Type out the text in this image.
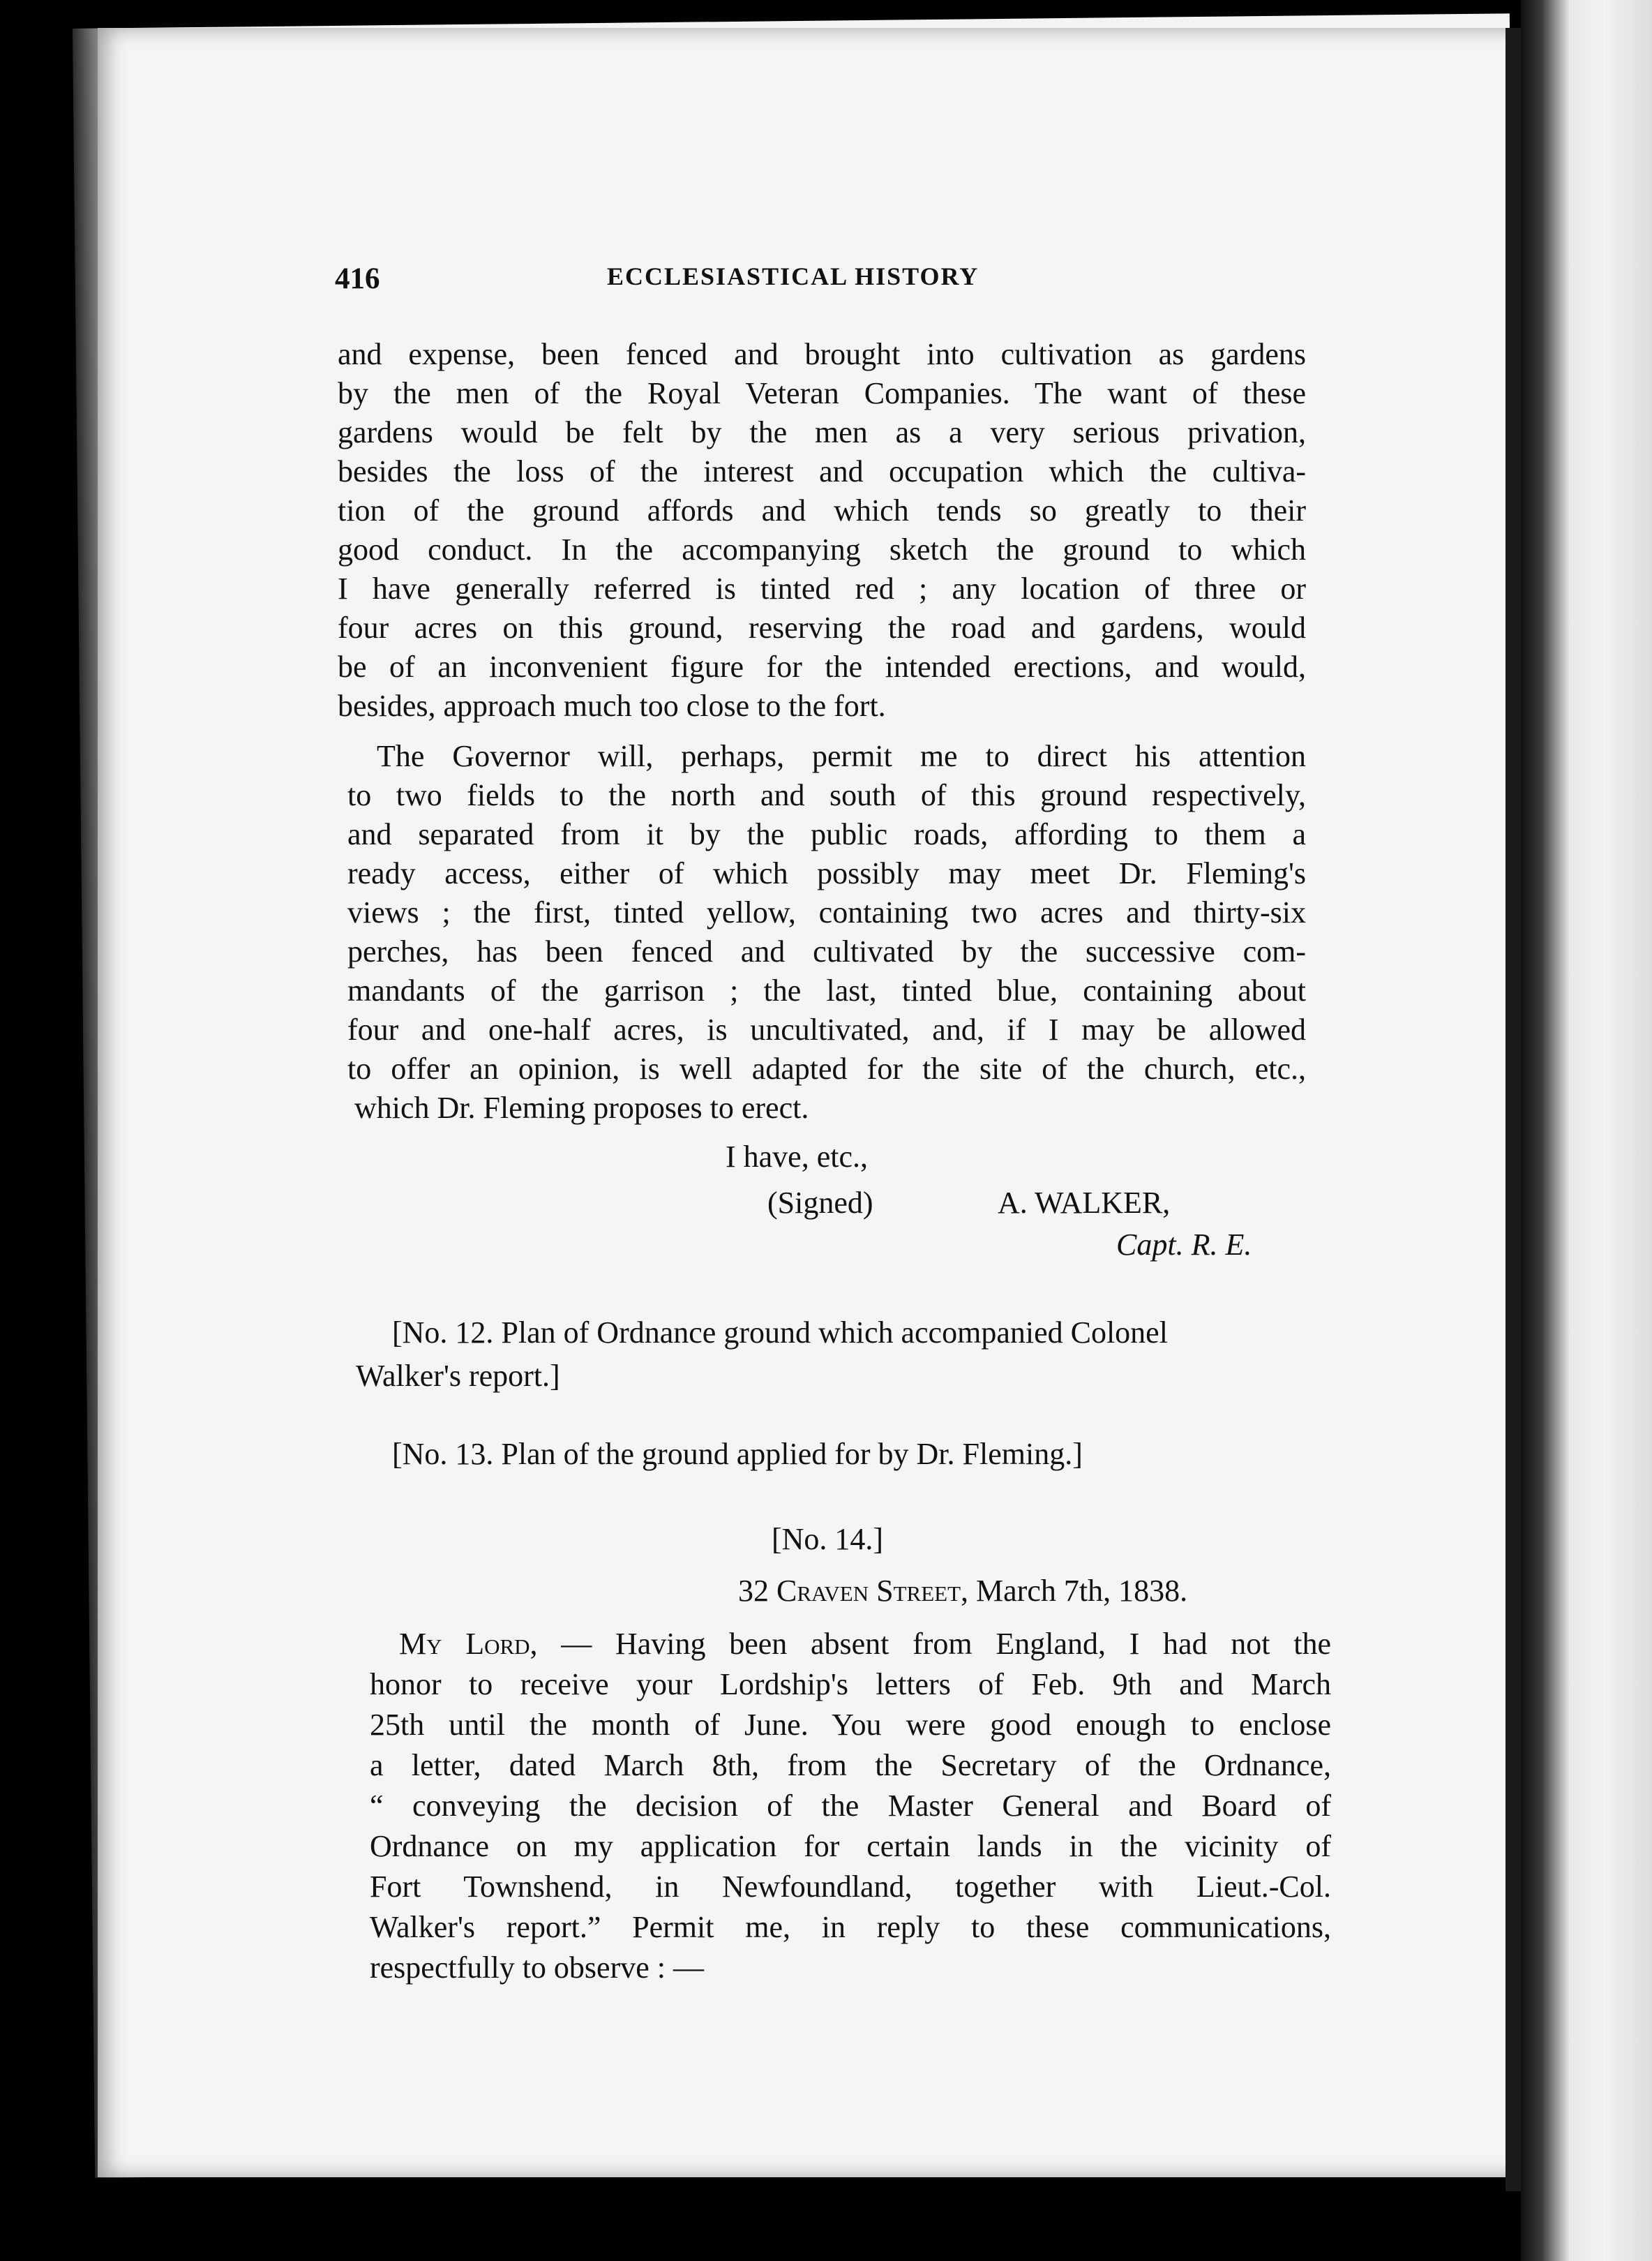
416	ECCLESIASTICAL HISTORY
and expense, been fenced and brought into cultivation as gardens
by the men of the Royal Veteran Companies. The want of these
gardens would be felt by the men as a very serious privation,
besides the loss of the interest and occupation which the cultiva-
tion of the ground affords and which tends so greatly to their
good conduct. In the accompanying sketch the ground to which
I have generally referred is tinted red ; any location of three or
four acres on this ground, reserving the road and gardens, would
be of an inconvenient figure for the intended erections, and would,
besides, approach much too close to the fort.
The Governor will, perhaps, permit me to direct his attention
to two fields to the north and south of this ground respectively,
and separated from it by the public roads, affording to them a
ready access, either of which possibly may meet Dr. Fleming's
views ; the first, tinted yellow, containing two acres and thirty-six
perches, has been fenced and cultivated by the successive com-
mandants of the garrison ; the last, tinted blue, containing about
four and one-half acres, is uncultivated, and, if I may be allowed
to offer an opinion, is well adapted for the site of the church, etc.,
which Dr. Fleming proposes to erect.
I have, etc.,
(Signed)	A. WALKER,
Capt. R. E.
[No. 12. Plan of Ordnance ground which accompanied Colonel
Walker's report.]
[No. 13. Plan of the ground applied for by Dr. Fleming.]
[No. 14.]
32 Craven Street, March 7th, 1838.
My Lord, — Having been absent from England, I had not the
honor to receive your Lordship's letters of Feb. 9th and March
25th until the month of June. You were good enough to enclose
a letter, dated March 8th, from the Secretary of the Ordnance,
“ conveying the decision of the Master General and Board of
Ordnance on my application for certain lands in the vicinity of
Fort Townshend, in Newfoundland, together with Lieut.-Col.
Walker's report.” Permit me, in reply to these communications,
respectfully to observe : —
